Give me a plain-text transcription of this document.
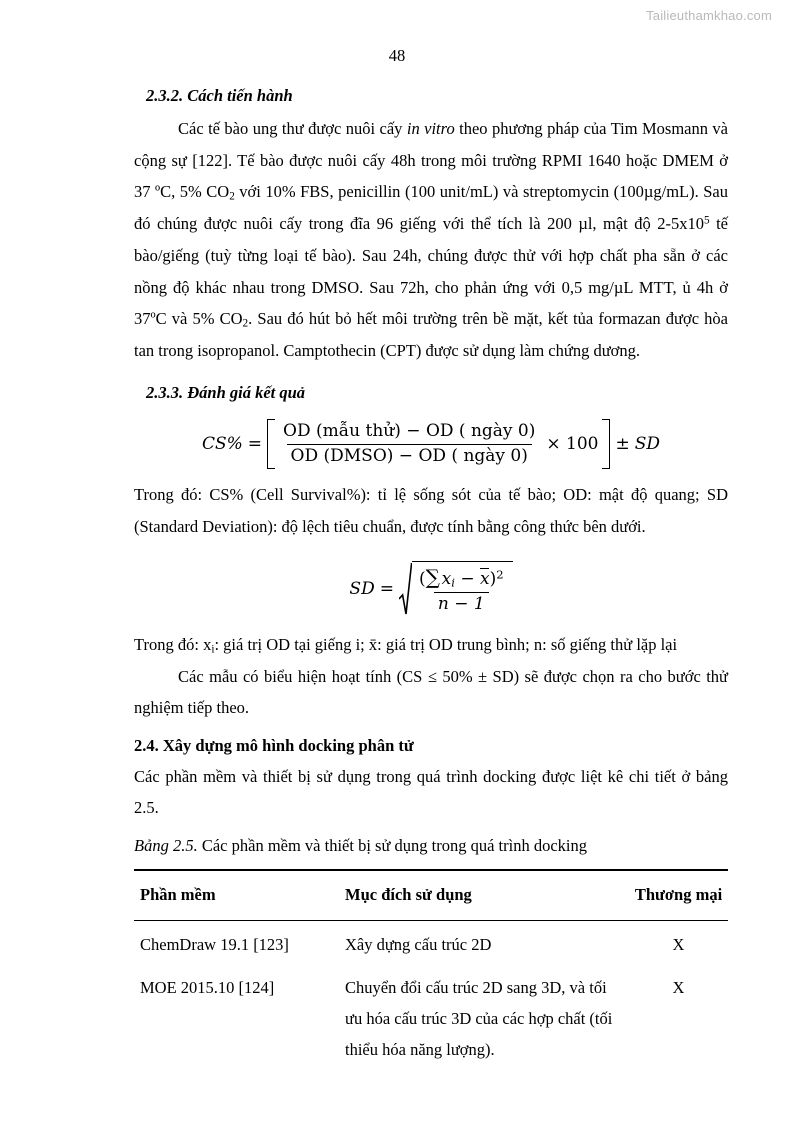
Tailieuthamkhao.com
48
2.3.2. Cách tiến hành

Các tế bào ung thư được nuôi cấy in vitro theo phương pháp của Tim Mosmann và cộng sự [122]. Tế bào được nuôi cấy 48h trong môi trường RPMI 1640 hoặc DMEM ở 37 ºC, 5% $CO_2$ với 10% FBS, penicillin (100 unit/mL) và streptomycin (100µg/mL). Sau đó chúng được nuôi cấy trong đĩa 96 giếng với thể tích là 200 µl, mật độ $2-5x10^5$ tế bào/giếng (tuỳ từng loại tế bào). Sau 24h, chúng được thử với hợp chất pha sẵn ở các nồng độ khác nhau trong DMSO. Sau 72h, cho phản ứng với 0,5 mg/µL MTT, ủ 4h ở 37ºC và 5% $CO_2$. Sau đó hút bỏ hết môi trường trên bề mặt, kết tủa formazan được hòa tan trong isopropanol. Camptothecin (CPT) được sử dụng làm chứng dương.

2.3.3. Đánh giá kết quả
$CS\% = \frac{\text{OD (mẫu thử) − OD ( ngày 0)}}{\text{OD (DMSO) − OD ( ngày 0)}} \times 100$ ± SD

Trong đó: CS% (Cell Survival%): tỉ lệ sống sót của tế bào; OD: mật độ quang; SD (Standard Deviation): độ lệch tiêu chuẩn, được tính bằng công thức bên dưới.

SD = $\frac{(\sum x_i - x)^2}{n - 1}$

Trong đó: $x_i$: giá trị OD tại giếng i; x̄: giá trị OD trung bình; n: số giếng thử lặp lại

Các mẫu có biểu hiện hoạt tính (CS ≤ 50% ± SD) sẽ được chọn ra cho bước thử nghiệm tiếp theo.

2.4. Xây dựng mô hình docking phân tử

Các phần mềm và thiết bị sử dụng trong quá trình docking được liệt kê chi tiết ở bảng 2.5.

Bảng 2.5. Các phần mềm và thiết bị sử dụng trong quá trình docking
Phần mềm	Mục đích sử dụng	Thương mại
ChemDraw 19.1 [123]	Xây dựng cấu trúc 2D	X
MOE 2015.10 [124]	Chuyển đổi cấu trúc 2D sang 3D, và tối ưu hóa cấu trúc 3D của các hợp chất (tối thiểu hóa năng lượng).	X
